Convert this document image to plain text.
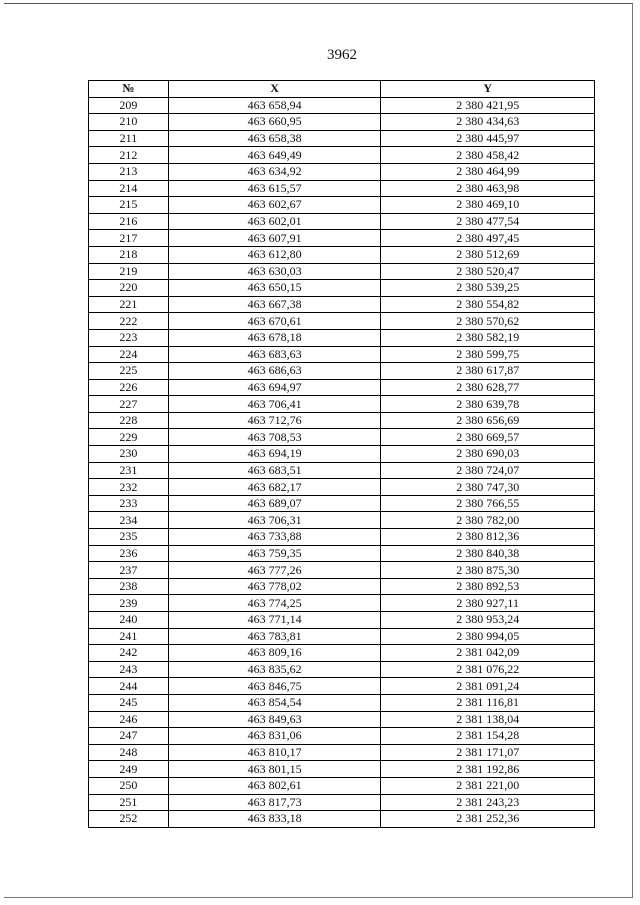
3962
№	X	Y
209	463 658,94	2 380 421,95
210	463 660,95	2 380 434,63
211	463 658,38	2 380 445,97
212	463 649,49	2 380 458,42
213	463 634,92	2 380 464,99
214	463 615,57	2 380 463,98
215	463 602,67	2 380 469,10
216	463 602,01	2 380 477,54
217	463 607,91	2 380 497,45
218	463 612,80	2 380 512,69
219	463 630,03	2 380 520,47
220	463 650,15	2 380 539,25
221	463 667,38	2 380 554,82
222	463 670,61	2 380 570,62
223	463 678,18	2 380 582,19
224	463 683,63	2 380 599,75
225	463 686,63	2 380 617,87
226	463 694,97	2 380 628,77
227	463 706,41	2 380 639,78
228	463 712,76	2 380 656,69
229	463 708,53	2 380 669,57
230	463 694,19	2 380 690,03
231	463 683,51	2 380 724,07
232	463 682,17	2 380 747,30
233	463 689,07	2 380 766,55
234	463 706,31	2 380 782,00
235	463 733,88	2 380 812,36
236	463 759,35	2 380 840,38
237	463 777,26	2 380 875,30
238	463 778,02	2 380 892,53
239	463 774,25	2 380 927,11
240	463 771,14	2 380 953,24
241	463 783,81	2 380 994,05
242	463 809,16	2 381 042,09
243	463 835,62	2 381 076,22
244	463 846,75	2 381 091,24
245	463 854,54	2 381 116,81
246	463 849,63	2 381 138,04
247	463 831,06	2 381 154,28
248	463 810,17	2 381 171,07
249	463 801,15	2 381 192,86
250	463 802,61	2 381 221,00
251	463 817,73	2 381 243,23
252	463 833,18	2 381 252,36
